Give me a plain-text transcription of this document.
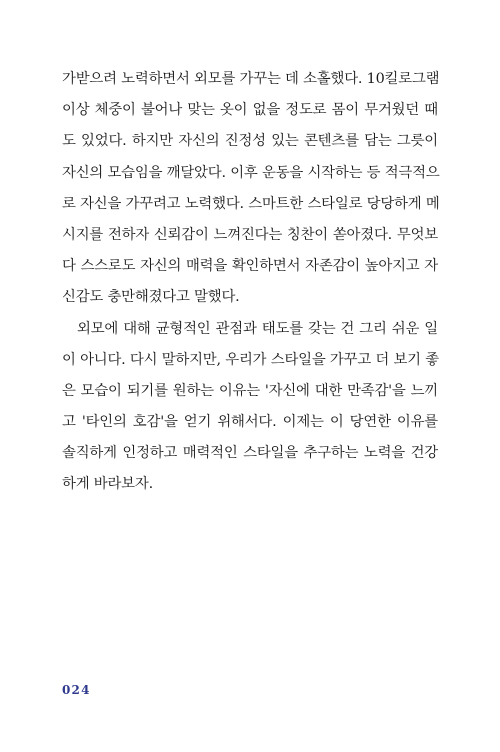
가받으려 노력하면서 외모를 가꾸는 데 소홀했다. 10킬로그램
이상 체중이 불어나 맞는 옷이 없을 정도로 몸이 무거웠던 때
도 있었다. 하지만 자신의 진정성 있는 콘텐츠를 담는 그릇이
자신의 모습임을 깨달았다. 이후 운동을 시작하는 등 적극적으
로 자신을 가꾸려고 노력했다. 스마트한 스타일로 당당하게 메
시지를 전하자 신뢰감이 느껴진다는 칭찬이 쏟아졌다. 무엇보
다 스스로도 자신의 매력을 확인하면서 자존감이 높아지고 자
신감도 충만해졌다고 말했다.

외모에 대해 균형적인 관점과 태도를 갖는 건 그리 쉬운 일
이 아니다. 다시 말하지만, 우리가 스타일을 가꾸고 더 보기 좋
은 모습이 되기를 원하는 이유는 '자신에 대한 만족감'을 느끼
고 '타인의 호감'을 얻기 위해서다. 이제는 이 당연한 이유를
솔직하게 인정하고 매력적인 스타일을 추구하는 노력을 건강
하게 바라보자.

024
